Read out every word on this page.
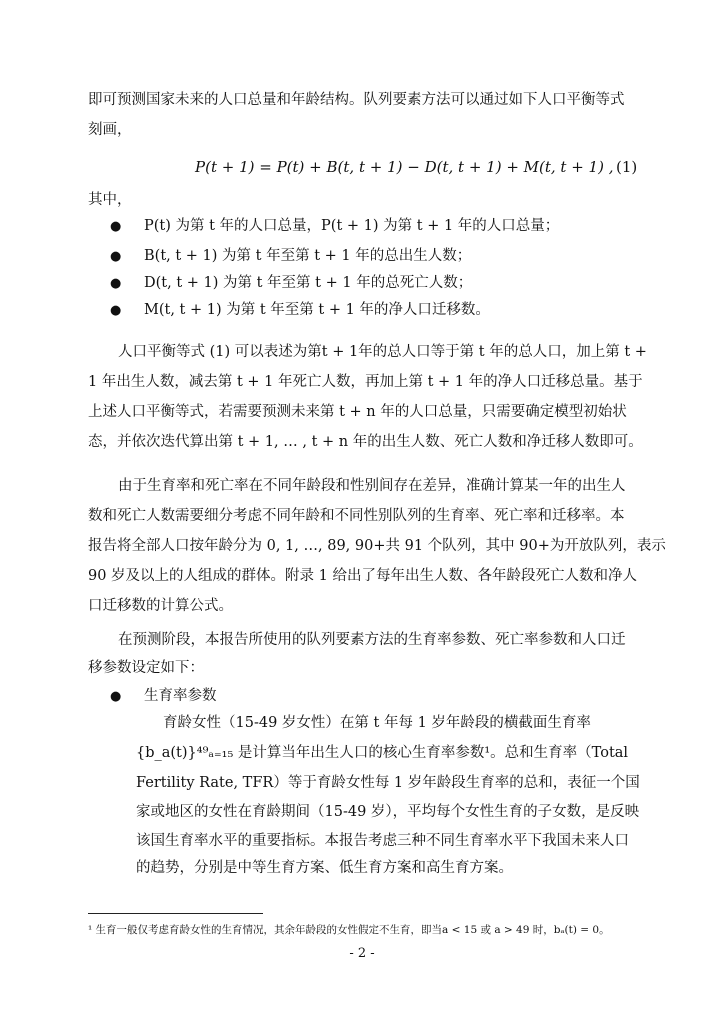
即可预测国家未来的人口总量和年龄结构。队列要素方法可以通过如下人口平衡等式
刻画，
P(t + 1) = P(t) + B(t, t + 1) − D(t, t + 1) + M(t, t + 1) , (1)
其中，
● P(t) 为第 t 年的人口总量，P(t + 1) 为第 t + 1 年的人口总量；
● B(t, t + 1) 为第 t 年至第 t + 1 年的总出生人数；
● D(t, t + 1) 为第 t 年至第 t + 1 年的总死亡人数；
● M(t, t + 1) 为第 t 年至第 t + 1 年的净人口迁移数。
人口平衡等式 (1) 可以表述为第t + 1年的总人口等于第 t 年的总人口，加上第 t +
1 年出生人数，减去第 t + 1 年死亡人数，再加上第 t + 1 年的净人口迁移总量。基于
上述人口平衡等式，若需要预测未来第 t + n 年的人口总量，只需要确定模型初始状
态，并依次迭代算出第 t + 1, … , t + n 年的出生人数、死亡人数和净迁移人数即可。
由于生育率和死亡率在不同年龄段和性别间存在差异，准确计算某一年的出生人
数和死亡人数需要细分考虑不同年龄和不同性别队列的生育率、死亡率和迁移率。本
报告将全部人口按年龄分为 0, 1, …, 89, 90+共 91 个队列，其中 90+为开放队列，表示
90 岁及以上的人组成的群体。附录 1 给出了每年出生人数、各年龄段死亡人数和净人
口迁移数的计算公式。
在预测阶段，本报告所使用的队列要素方法的生育率参数、死亡率参数和人口迁
移参数设定如下：
● 生育率参数
育龄女性（15-49 岁女性）在第 t 年每 1 岁年龄段的横截面生育率
{b_a(t)}⁴⁹ₐ₌₁₅ 是计算当年出生人口的核心生育率参数¹。总和生育率（Total
Fertility Rate, TFR）等于育龄女性每 1 岁年龄段生育率的总和，表征一个国
家或地区的女性在育龄期间（15-49 岁），平均每个女性生育的子女数，是反映
该国生育率水平的重要指标。本报告考虑三种不同生育率水平下我国未来人口
的趋势，分别是中等生育方案、低生育方案和高生育方案。
¹ 生育一般仅考虑育龄女性的生育情况，其余年龄段的女性假定不生育，即当a < 15 或 a > 49 时，bₐ(t) = 0。
- 2 -
